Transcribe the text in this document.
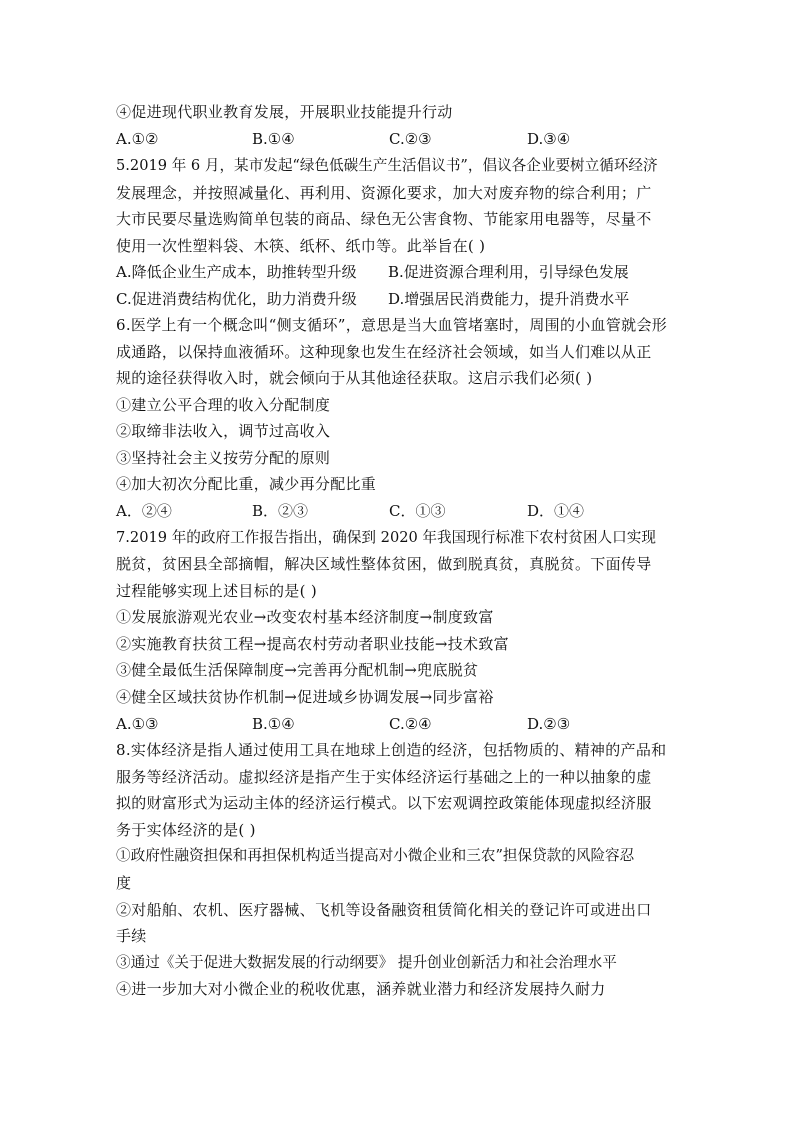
④促进现代职业教育发展，开展职业技能提升行动
A.①②	B.①④	C.②③	D.③④
5.2019 年 6 月，某市发起“绿色低碳生产生活倡议书”，倡议各企业要树立循环经济
发展理念，并按照减量化、再利用、资源化要求，加大对废弃物的综合利用；广
大市民要尽量选购简单包装的商品、绿色无公害食物、节能家用电器等，尽量不
使用一次性塑料袋、木筷、纸杯、纸巾等。此举旨在( )
A.降低企业生产成本，助推转型升级 B.促进资源合理利用，引导绿色发展
C.促进消费结构优化，助力消费升级 D.增强居民消费能力，提升消费水平
6.医学上有一个概念叫“侧支循环”，意思是当大血管堵塞时，周围的小血管就会形
成通路，以保持血液循环。这种现象也发生在经济社会领域，如当人们难以从正
规的途径获得收入时，就会倾向于从其他途径获取。这启示我们必须( )
①建立公平合理的收入分配制度
②取缔非法收入，调节过高收入
③坚持社会主义按劳分配的原则
④加大初次分配比重，减少再分配比重
A．②④	B．②③	C．①③	D．①④
7.2019 年的政府工作报告指出，确保到 2020 年我国现行标准下农村贫困人口实现
脱贫，贫困县全部摘帽，解决区域性整体贫困，做到脱真贫，真脱贫。下面传导
过程能够实现上述目标的是( )
①发展旅游观光农业→改变农村基本经济制度→制度致富
②实施教育扶贫工程→提高农村劳动者职业技能→技术致富
③健全最低生活保障制度→完善再分配机制→兜底脱贫
④健全区域扶贫协作机制→促进域乡协调发展→同步富裕
A.①③	B.①④	C.②④	D.②③
8.实体经济是指人通过使用工具在地球上创造的经济，包括物质的、精神的产品和
服务等经济活动。虚拟经济是指产生于实体经济运行基础之上的一种以抽象的虚
拟的财富形式为运动主体的经济运行模式。以下宏观调控政策能体现虚拟经济服
务于实体经济的是( )
①政府性融资担保和再担保机构适当提高对小微企业和三农”担保贷款的风险容忍
度
②对船舶、农机、医疗器械、飞机等设备融资租赁简化相关的登记许可或进出口
手续
③通过《关于促进大数据发展的行动纲要》 提升创业创新活力和社会治理水平
④进一步加大对小微企业的税收优惠，涵养就业潜力和经济发展持久耐力
